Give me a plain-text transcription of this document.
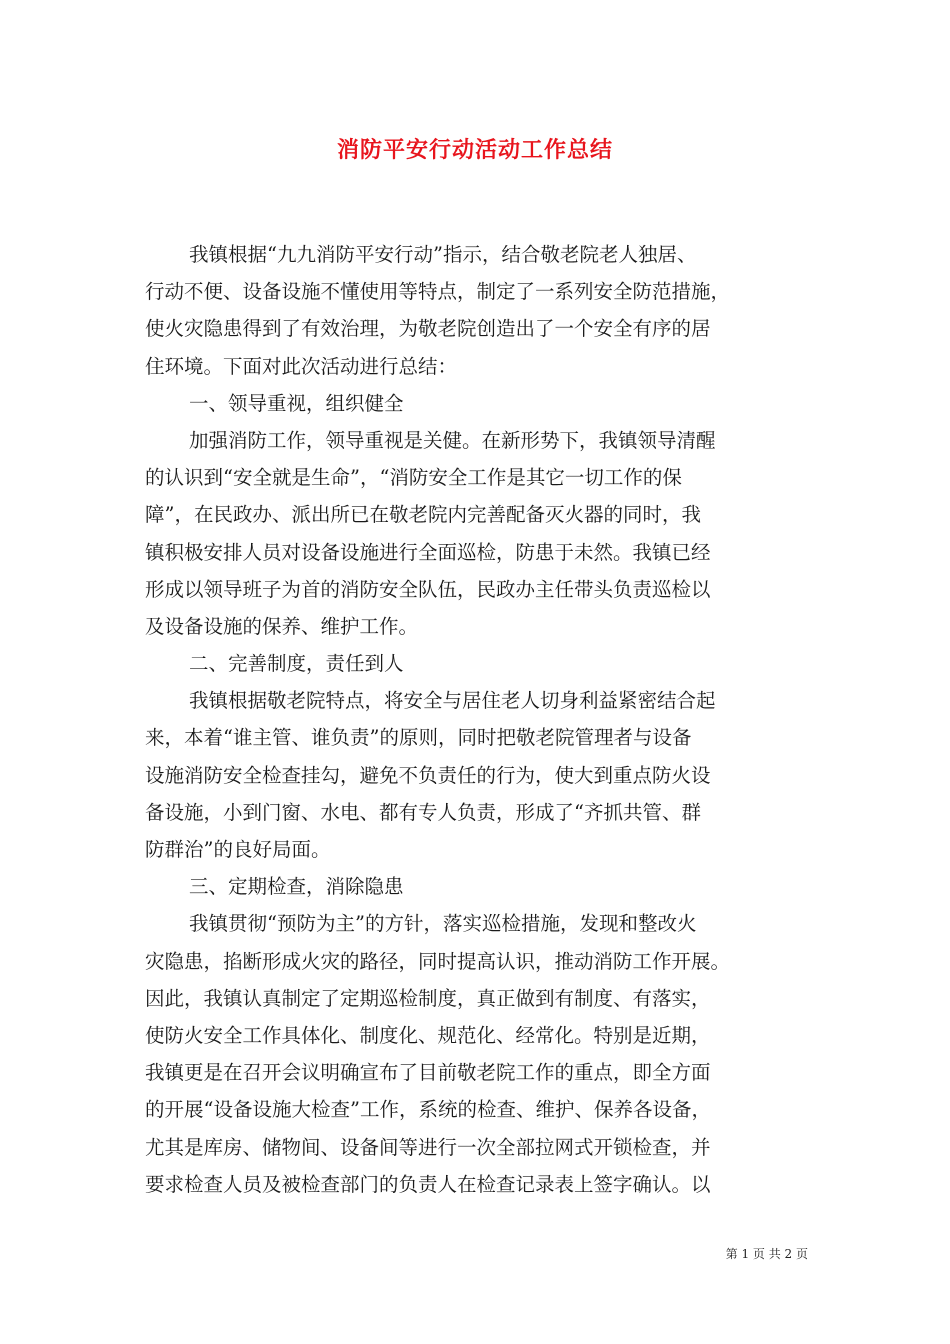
消防平安行动活动工作总结
我镇根据“九九消防平安行动”指示，结合敬老院老人独居、
行动不便、设备设施不懂使用等特点，制定了一系列安全防范措施，
使火灾隐患得到了有效治理，为敬老院创造出了一个安全有序的居
住环境。下面对此次活动进行总结：
一、领导重视，组织健全
加强消防工作，领导重视是关健。在新形势下，我镇领导清醒
的认识到“安全就是生命”，“消防安全工作是其它一切工作的保
障”，在民政办、派出所已在敬老院内完善配备灭火器的同时，我
镇积极安排人员对设备设施进行全面巡检，防患于未然。我镇已经
形成以领导班子为首的消防安全队伍，民政办主任带头负责巡检以
及设备设施的保养、维护工作。
二、完善制度，责任到人
我镇根据敬老院特点，将安全与居住老人切身利益紧密结合起
来，本着“谁主管、谁负责”的原则，同时把敬老院管理者与设备
设施消防安全检查挂勾，避免不负责任的行为，使大到重点防火设
备设施，小到门窗、水电、都有专人负责，形成了“齐抓共管、群
防群治”的良好局面。
三、定期检查，消除隐患
我镇贯彻“预防为主”的方针，落实巡检措施，发现和整改火
灾隐患，掐断形成火灾的路径，同时提高认识，推动消防工作开展。
因此，我镇认真制定了定期巡检制度，真正做到有制度、有落实，
使防火安全工作具体化、制度化、规范化、经常化。特别是近期，
我镇更是在召开会议明确宣布了目前敬老院工作的重点，即全方面
的开展“设备设施大检查”工作，系统的检查、维护、保养各设备，
尤其是库房、储物间、设备间等进行一次全部拉网式开锁检查，并
要求检查人员及被检查部门的负责人在检查记录表上签字确认。以
第 1 页 共 2 页
